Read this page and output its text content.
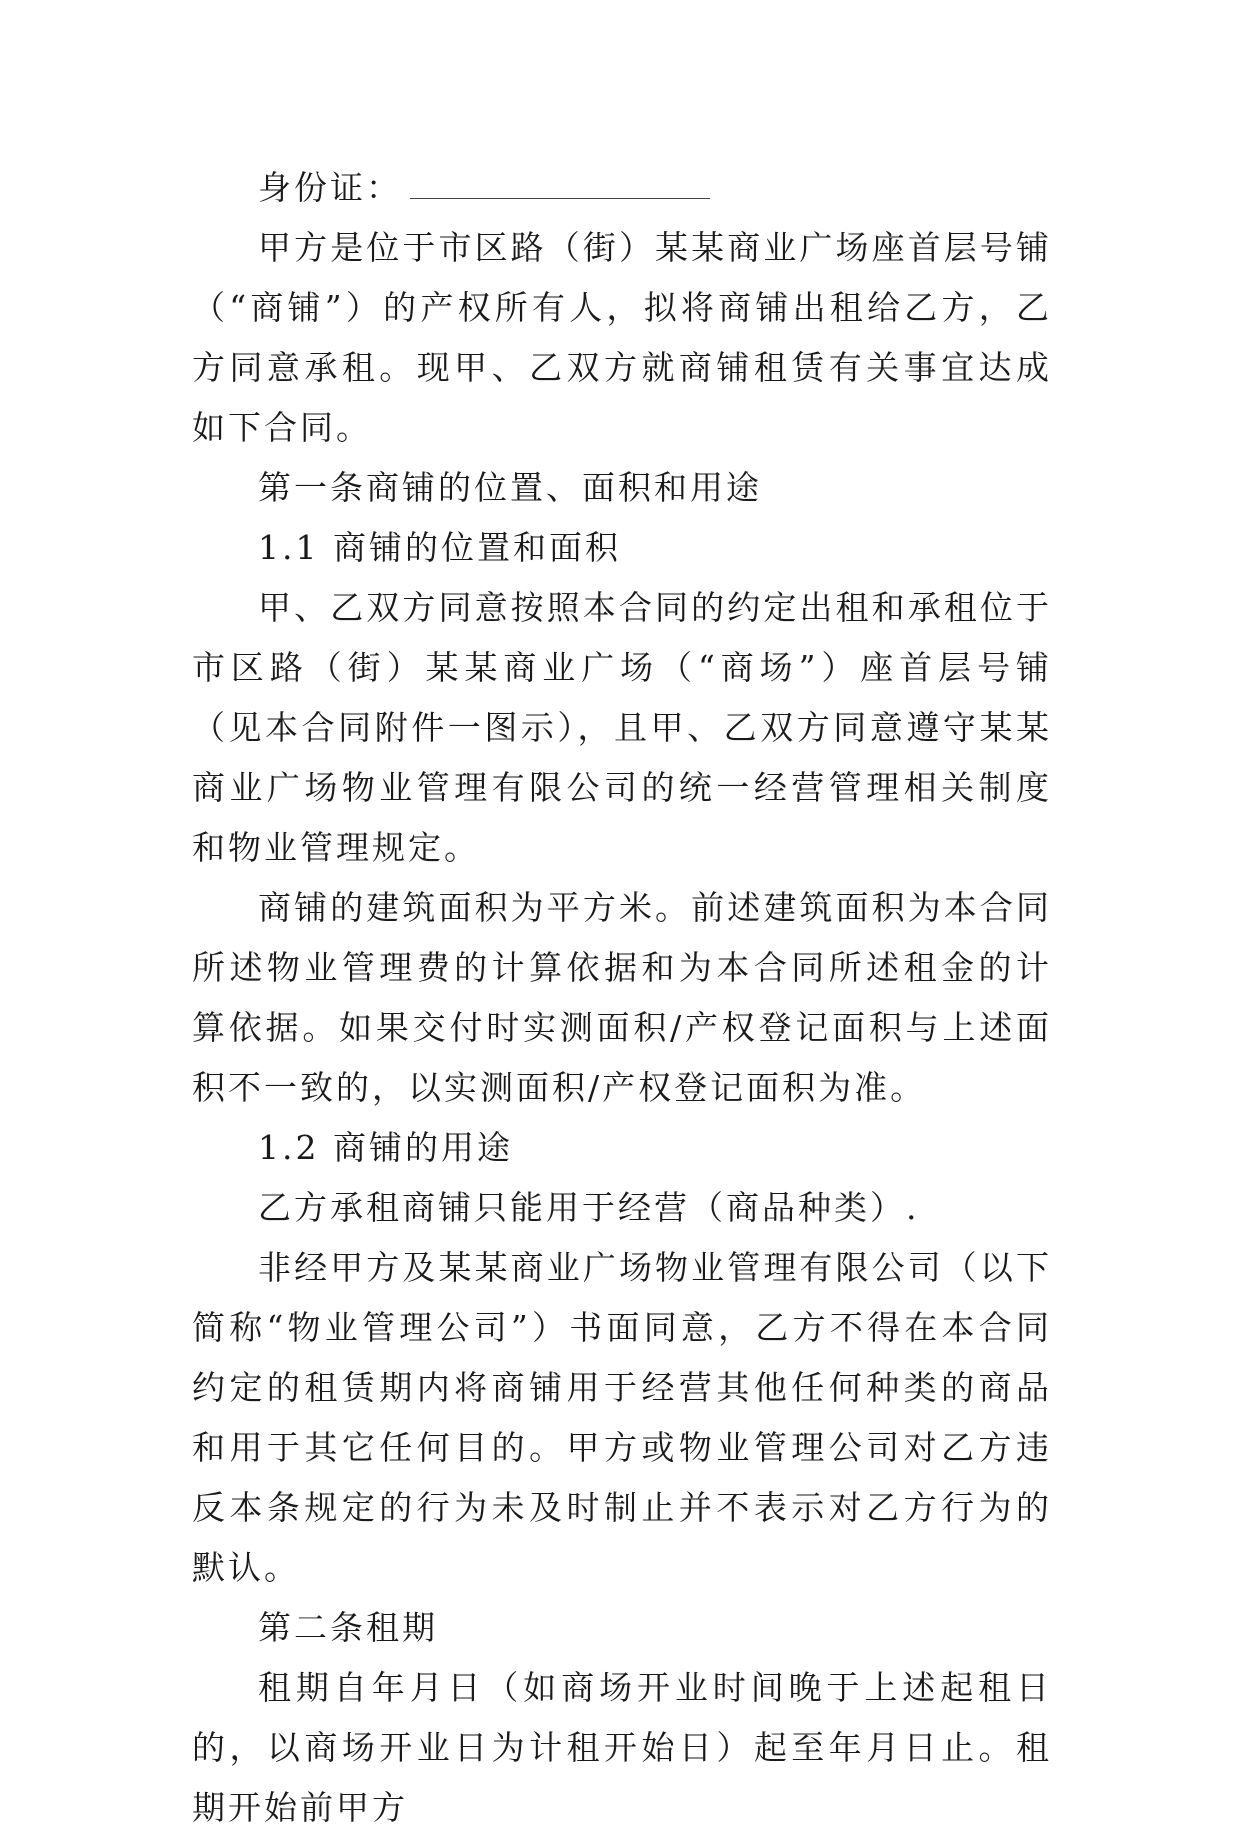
身份证：

甲方是位于市区路（街）某某商业广场座首层号铺（“商铺”）的产权所有人，拟将商铺出租给乙方，乙方同意承租。现甲、乙双方就商铺租赁有关事宜达成如下合同。

第一条商铺的位置、面积和用途

1.1 商铺的位置和面积

甲、乙双方同意按照本合同的约定出租和承租位于市区路（街）某某商业广场（“商场”）座首层号铺（见本合同附件一图示），且甲、乙双方同意遵守某某商业广场物业管理有限公司的统一经营管理相关制度和物业管理规定。

商铺的建筑面积为平方米。前述建筑面积为本合同所述物业管理费的计算依据和为本合同所述租金的计算依据。如果交付时实测面积/产权登记面积与上述面积不一致的，以实测面积/产权登记面积为准。

1.2 商铺的用途

乙方承租商铺只能用于经营（商品种类）.

非经甲方及某某商业广场物业管理有限公司（以下简称“物业管理公司”）书面同意，乙方不得在本合同约定的租赁期内将商铺用于经营其他任何种类的商品和用于其它任何目的。甲方或物业管理公司对乙方违反本条规定的行为未及时制止并不表示对乙方行为的默认。

第二条租期

租期自年月日（如商场开业时间晚于上述起租日的，以商场开业日为计租开始日）起至年月日止。租期开始前甲方
